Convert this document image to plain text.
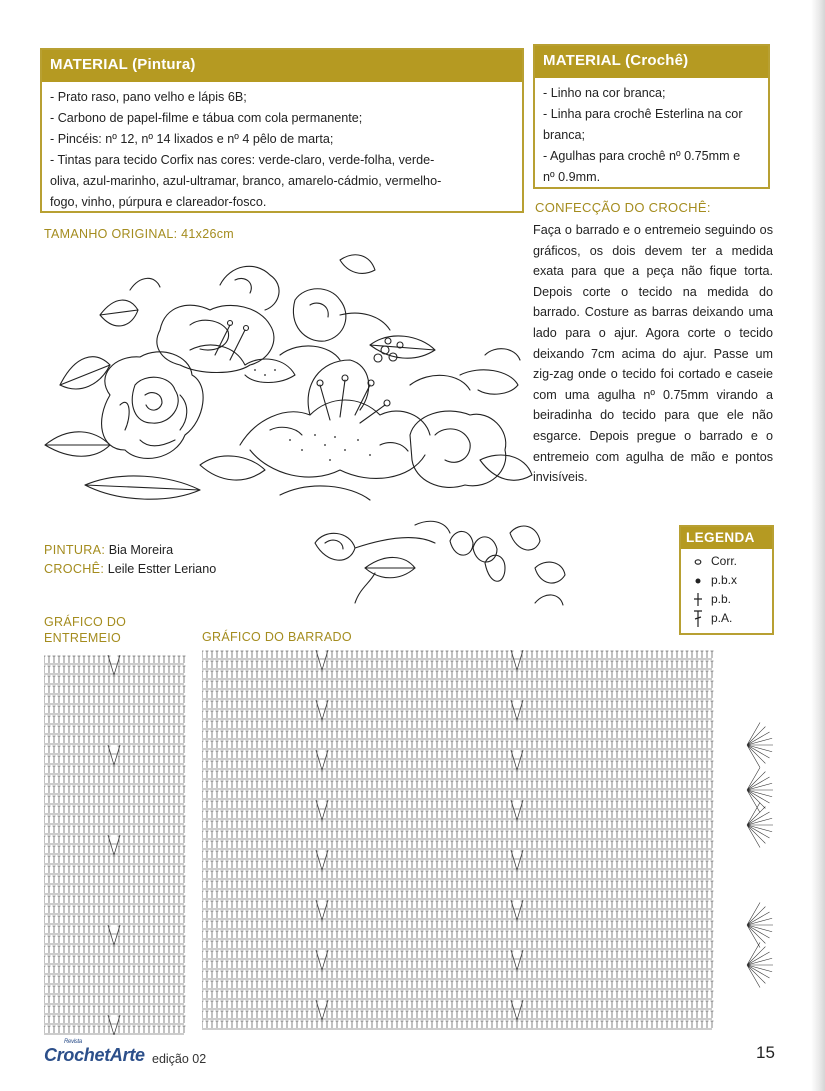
MATERIAL (Pintura)
- Prato raso, pano velho e lápis 6B;
- Carbono de papel-filme e tábua com cola permanente;
- Pincéis: nº 12, nº 14 lixados e nº 4 pêlo de marta;
- Tintas para tecido Corfix nas cores: verde-claro, verde-folha, verde-
oliva, azul-marinho, azul-ultramar, branco, amarelo-cádmio, vermelho-
fogo, vinho, púrpura e clareador-fosco.
MATERIAL (Crochê)
- Linho na cor branca;
- Linha para crochê Esterlina na cor
branca;
- Agulhas para crochê nº 0.75mm e
nº 0.9mm.
TAMANHO ORIGINAL: 41x26cm
CONFECÇÃO DO CROCHÊ:
Faça o barrado e o entremeio seguindo os gráficos, os dois devem ter a medida exata para que a peça não fique torta. Depois corte o tecido na medida do barrado. Costure as barras deixando uma lado para o ajur. Agora corte o tecido deixando 7cm acima do ajur. Passe um zig-zag onde o tecido foi cortado e caseie com uma agulha nº 0.75mm virando a beiradinha do tecido para que ele não esgarce. Depois pregue o barrado e o entremeio com agulha de mão e pontos invisíveis.
PINTURA: Bia Moreira
CROCHÊ: Leile Estter Leriano
LEGENDA
Corr.
p.b.x
p.b.
p.A.
GRÁFICO DO
ENTREMEIO	GRÁFICO DO BARRADO
Revista
CrochetArte edição 02	15
